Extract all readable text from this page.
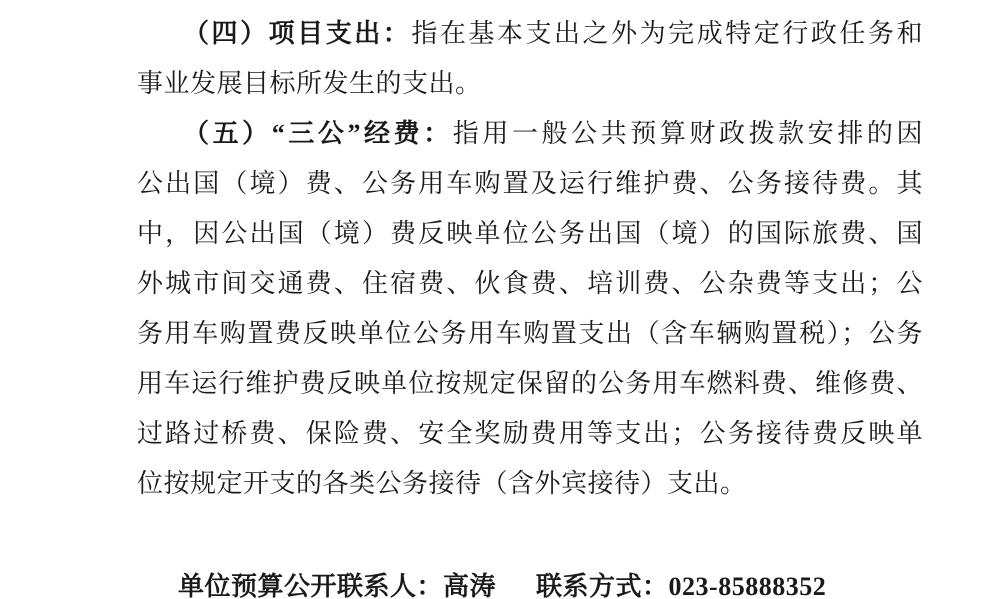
（四）项目支出：指在基本支出之外为完成特定行政任务和
事业发展目标所发生的支出。
（五）“三公”经费：指用一般公共预算财政拨款安排的因
公出国（境）费、公务用车购置及运行维护费、公务接待费。其
中，因公出国（境）费反映单位公务出国（境）的国际旅费、国
外城市间交通费、住宿费、伙食费、培训费、公杂费等支出；公
务用车购置费反映单位公务用车购置支出（含车辆购置税）；公务
用车运行维护费反映单位按规定保留的公务用车燃料费、维修费、
过路过桥费、保险费、安全奖励费用等支出；公务接待费反映单
位按规定开支的各类公务接待（含外宾接待）支出。
单位预算公开联系人：高涛 联系方式：023-85888352
